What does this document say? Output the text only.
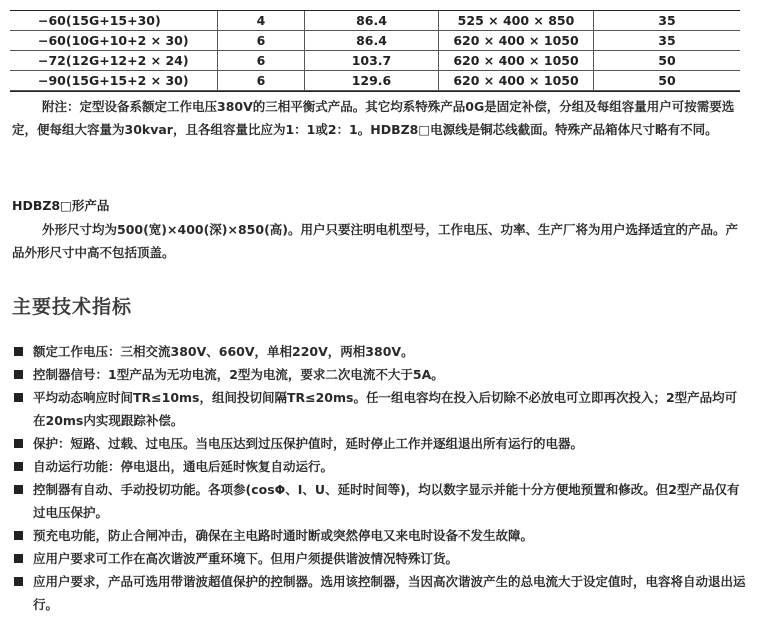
−60(15G+15+30)	4	86.4	525 × 400 × 850	35
−60(10G+10+2 × 30)	6	86.4	620 × 400 × 1050	35
−72(12G+12+2 × 24)	6	103.7	620 × 400 × 1050	50
−90(15G+15+2 × 30)	6	129.6	620 × 400 × 1050	50
附注：定型设备系额定工作电压380V的三相平衡式产品。其它均系特殊产品0G是固定补偿，分组及每组容量用户可按需要选定，便每组大容量为30kvar，且各组容量比应为1：1或2：1。HDBZ8□电源线是铜芯线截面。特殊产品箱体尺寸略有不同。
HDBZ8□形产品
外形尺寸均为500(宽)×400(深)×850(高)。用户只要注明电机型号，工作电压、功率、生产厂将为用户选择适宜的产品。产品外形尺寸中高不包括顶盖。
主要技术指标
额定工作电压：三相交流380V、660V，单相220V，两相380V。
控制器信号：1型产品为无功电流，2型为电流，要求二次电流不大于5A。
平均动态响应时间TR≤10ms，组间投切间隔TR≤20ms。任一组电容均在投入后切除不必放电可立即再次投入；2型产品均可在20ms内实现跟踪补偿。
保护：短路、过载、过电压。当电压达到过压保护值时，延时停止工作并逐组退出所有运行的电器。
自动运行功能：停电退出，通电后延时恢复自动运行。
控制器有自动、手动投切功能。各项参(cosΦ、I、U、延时时间等)，均以数字显示并能十分方便地预置和修改。但2型产品仅有过电压保护。
预充电功能，防止合闸冲击，确保在主电路时通时断或突然停电又来电时设备不发生故障。
应用户要求可工作在高次谐波严重环境下。但用户须提供谐波情况特殊订货。
应用户要求，产品可选用带谐波超值保护的控制器。选用该控制器，当因高次谐波产生的总电流大于设定值时，电容将自动退出运行。
